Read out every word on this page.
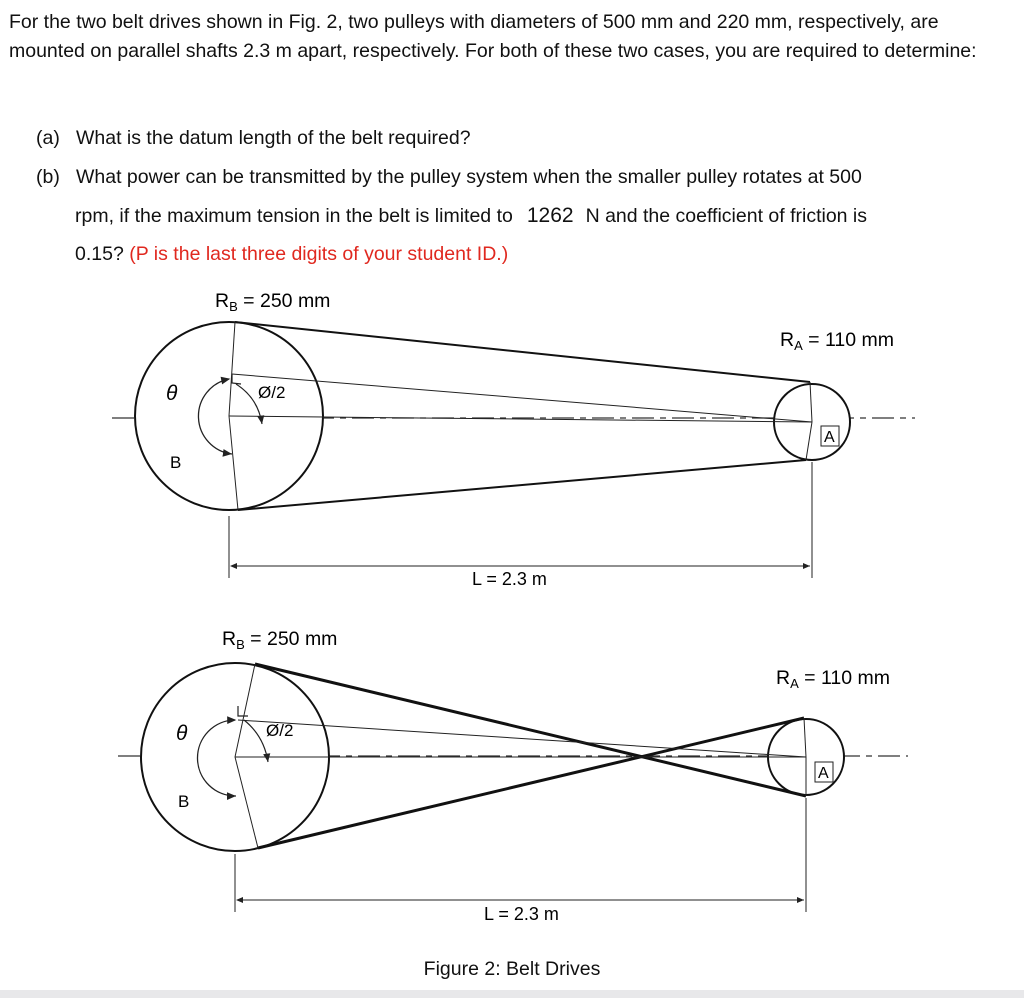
For the two belt drives shown in Fig. 2, two pulleys with diameters of 500 mm and 220 mm, respectively, are mounted on parallel shafts 2.3 m apart, respectively. For both of these two cases, you are required to determine:

(a) What is the datum length of the belt required?

(b) What power can be transmitted by the pulley system when the smaller pulley rotates at 500
rpm, if the maximum tension in the belt is limited to 1262 N and the coefficient of friction is
0.15? (P is the last three digits of your student ID.)
$R_B = 250$ mm
$R_A = 110$ mm
θ	Ø/2
B
A
L = 2.3 m
$R_B = 250$ mm
$R_A = 110$ mm
θ	Ø/2
B
A
L = 2.3 m

Figure 2: Belt Drives
